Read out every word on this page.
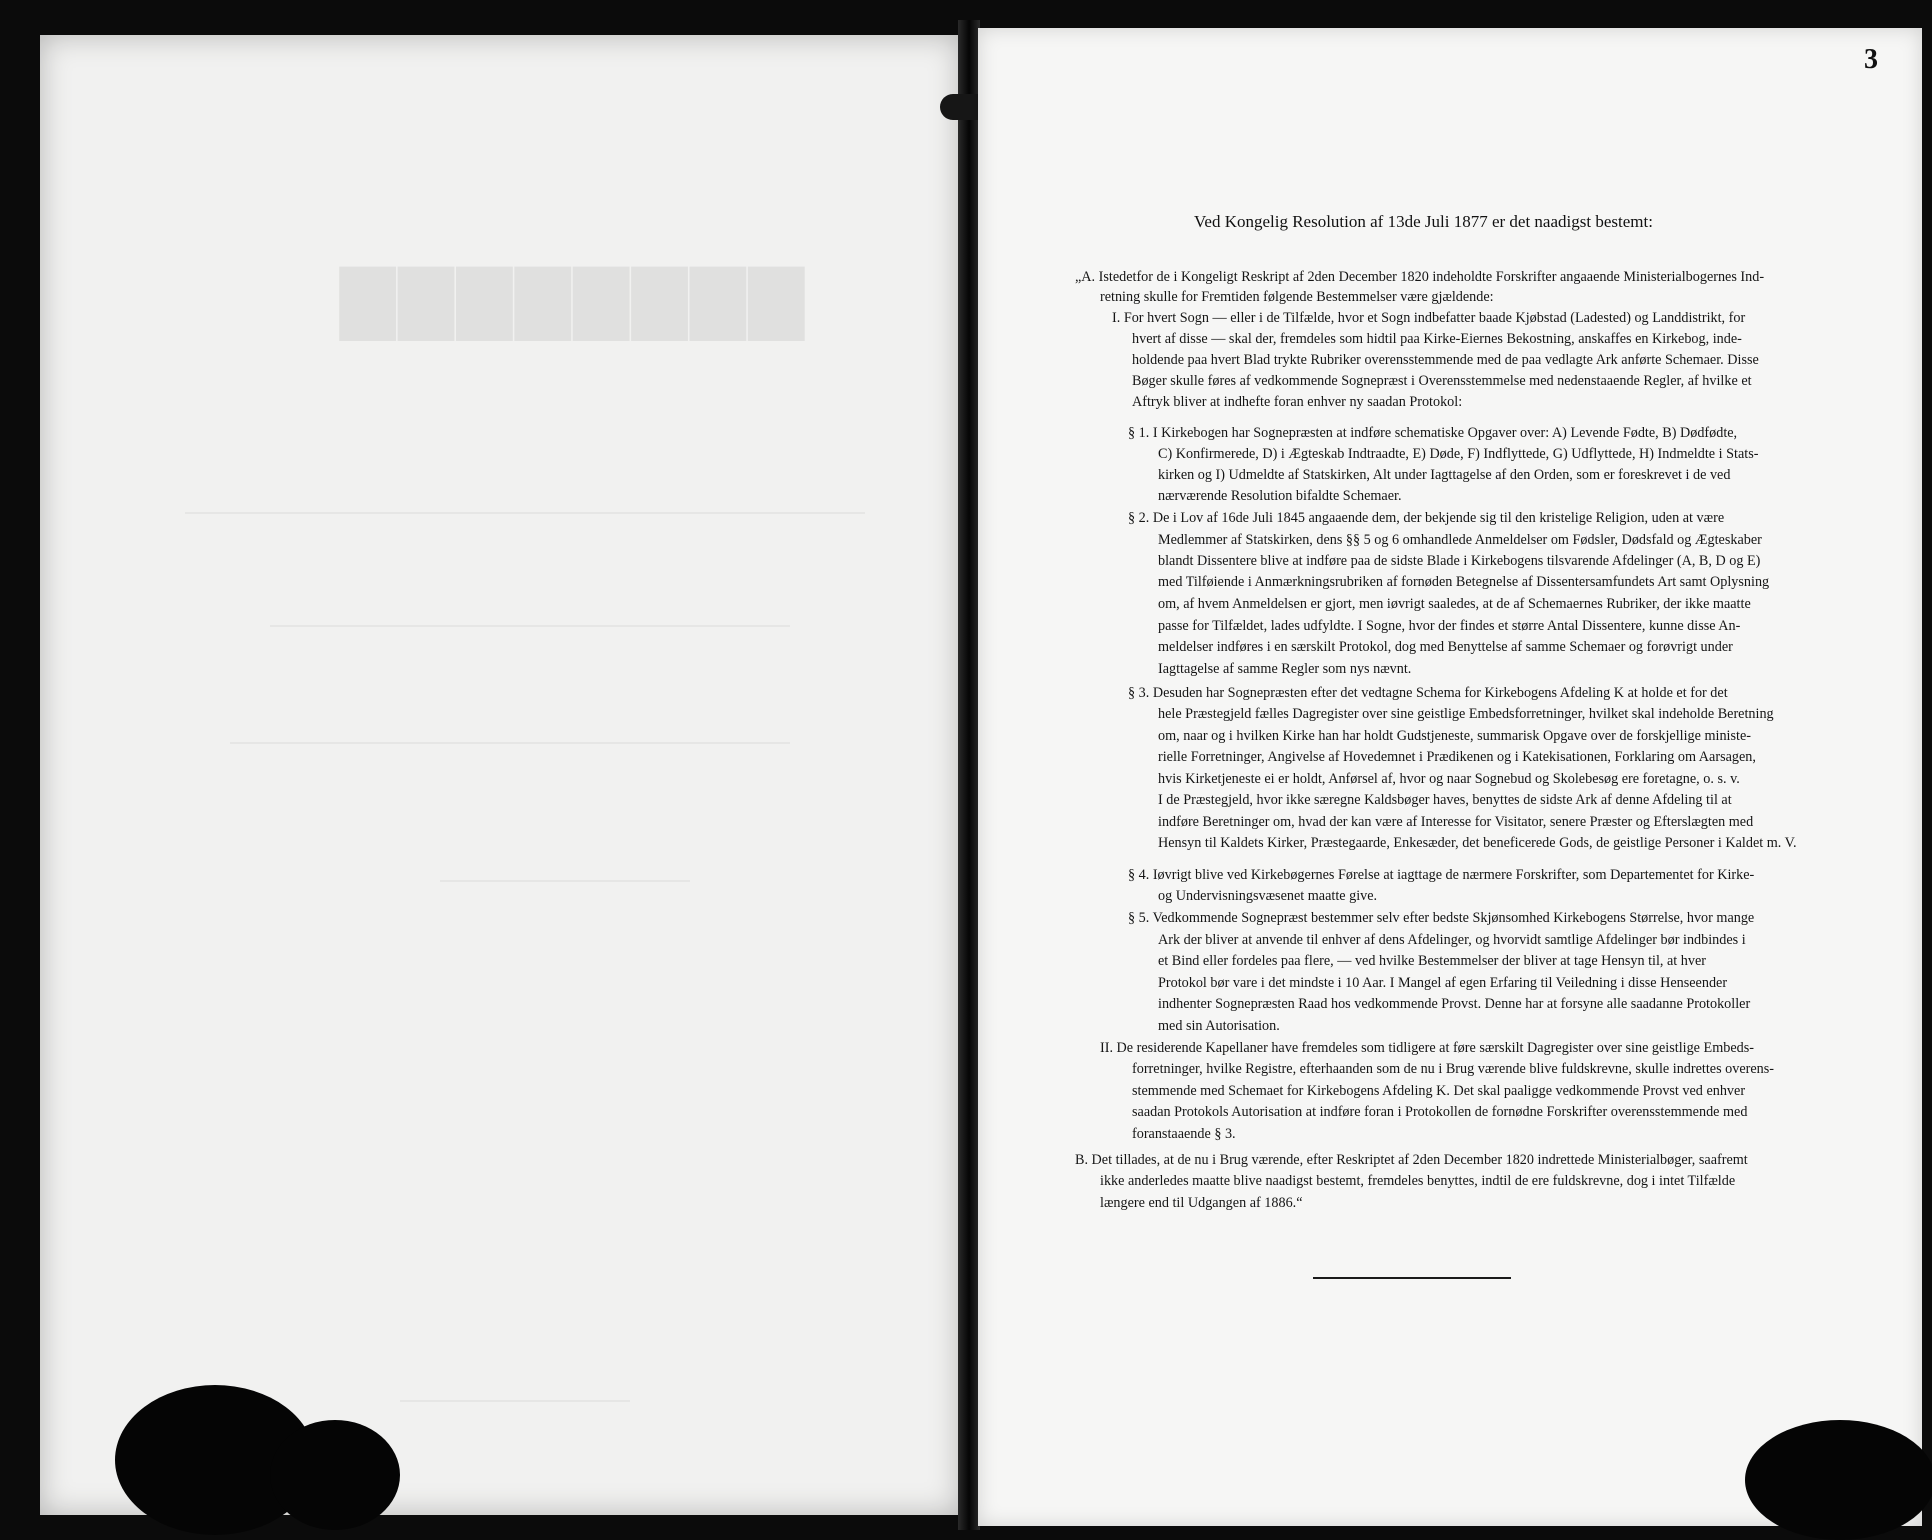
▇▇▇▇▇▇▇▇
3
Ved Kongelig Resolution af 13de Juli 1877 er det naadigst bestemt:
„A. Istedetfor de i Kongeligt Reskript af 2den December 1820 indeholdte Forskrifter angaaende Ministerialbogernes Ind-
retning skulle for Fremtiden følgende Bestemmelser være gjældende:
I. For hvert Sogn — eller i de Tilfælde, hvor et Sogn indbefatter baade Kjøbstad (Ladested) og Landdistrikt, for
hvert af disse — skal der, fremdeles som hidtil paa Kirke-Eiernes Bekostning, anskaffes en Kirkebog, inde-
holdende paa hvert Blad trykte Rubriker overensstemmende med de paa vedlagte Ark anførte Schemaer. Disse
Bøger skulle føres af vedkommende Sognepræst i Overensstemmelse med nedenstaaende Regler, af hvilke et
Aftryk bliver at indhefte foran enhver ny saadan Protokol:
§ 1. I Kirkebogen har Sognepræsten at indføre schematiske Opgaver over: A) Levende Fødte, B) Dødfødte,
C) Konfirmerede, D) i Ægteskab Indtraadte, E) Døde, F) Indflyttede, G) Udflyttede, H) Indmeldte i Stats-
kirken og I) Udmeldte af Statskirken, Alt under Iagttagelse af den Orden, som er foreskrevet i de ved
nærværende Resolution bifaldte Schemaer.
§ 2. De i Lov af 16de Juli 1845 angaaende dem, der bekjende sig til den kristelige Religion, uden at være
Medlemmer af Statskirken, dens §§ 5 og 6 omhandlede Anmeldelser om Fødsler, Dødsfald og Ægteskaber
blandt Dissentere blive at indføre paa de sidste Blade i Kirkebogens tilsvarende Afdelinger (A, B, D og E)
med Tilføiende i Anmærkningsrubriken af fornøden Betegnelse af Dissentersamfundets Art samt Oplysning
om, af hvem Anmeldelsen er gjort, men iøvrigt saaledes, at de af Schemaernes Rubriker, der ikke maatte
passe for Tilfældet, lades udfyldte. I Sogne, hvor der findes et større Antal Dissentere, kunne disse An-
meldelser indføres i en særskilt Protokol, dog med Benyttelse af samme Schemaer og forøvrigt under
Iagttagelse af samme Regler som nys nævnt.
§ 3. Desuden har Sognepræsten efter det vedtagne Schema for Kirkebogens Afdeling K at holde et for det
hele Præstegjeld fælles Dagregister over sine geistlige Embedsforretninger, hvilket skal indeholde Beretning
om, naar og i hvilken Kirke han har holdt Gudstjeneste, summarisk Opgave over de forskjellige ministe-
rielle Forretninger, Angivelse af Hovedemnet i Prædikenen og i Katekisationen, Forklaring om Aarsagen,
hvis Kirketjeneste ei er holdt, Anførsel af, hvor og naar Sognebud og Skolebesøg ere foretagne, o. s. v.
I de Præstegjeld, hvor ikke særegne Kaldsbøger haves, benyttes de sidste Ark af denne Afdeling til at
indføre Beretninger om, hvad der kan være af Interesse for Visitator, senere Præster og Efterslægten med
Hensyn til Kaldets Kirker, Præstegaarde, Enkesæder, det beneficerede Gods, de geistlige Personer i Kaldet m. V.
§ 4. Iøvrigt blive ved Kirkebøgernes Førelse at iagttage de nærmere Forskrifter, som Departementet for Kirke-
og Undervisningsvæsenet maatte give.
§ 5. Vedkommende Sognepræst bestemmer selv efter bedste Skjønsomhed Kirkebogens Størrelse, hvor mange
Ark der bliver at anvende til enhver af dens Afdelinger, og hvorvidt samtlige Afdelinger bør indbindes i
et Bind eller fordeles paa flere, — ved hvilke Bestemmelser der bliver at tage Hensyn til, at hver
Protokol bør vare i det mindste i 10 Aar. I Mangel af egen Erfaring til Veiledning i disse Henseender
indhenter Sognepræsten Raad hos vedkommende Provst. Denne har at forsyne alle saadanne Protokoller
med sin Autorisation.
II. De residerende Kapellaner have fremdeles som tidligere at føre særskilt Dagregister over sine geistlige Embeds-
forretninger, hvilke Registre, efterhaanden som de nu i Brug værende blive fuldskrevne, skulle indrettes overens-
stemmende med Schemaet for Kirkebogens Afdeling K. Det skal paaligge vedkommende Provst ved enhver
saadan Protokols Autorisation at indføre foran i Protokollen de fornødne Forskrifter overensstemmende med
foranstaaende § 3.
B. Det tillades, at de nu i Brug værende, efter Reskriptet af 2den December 1820 indrettede Ministerialbøger, saafremt
ikke anderledes maatte blive naadigst bestemt, fremdeles benyttes, indtil de ere fuldskrevne, dog i intet Tilfælde
længere end til Udgangen af 1886.“
